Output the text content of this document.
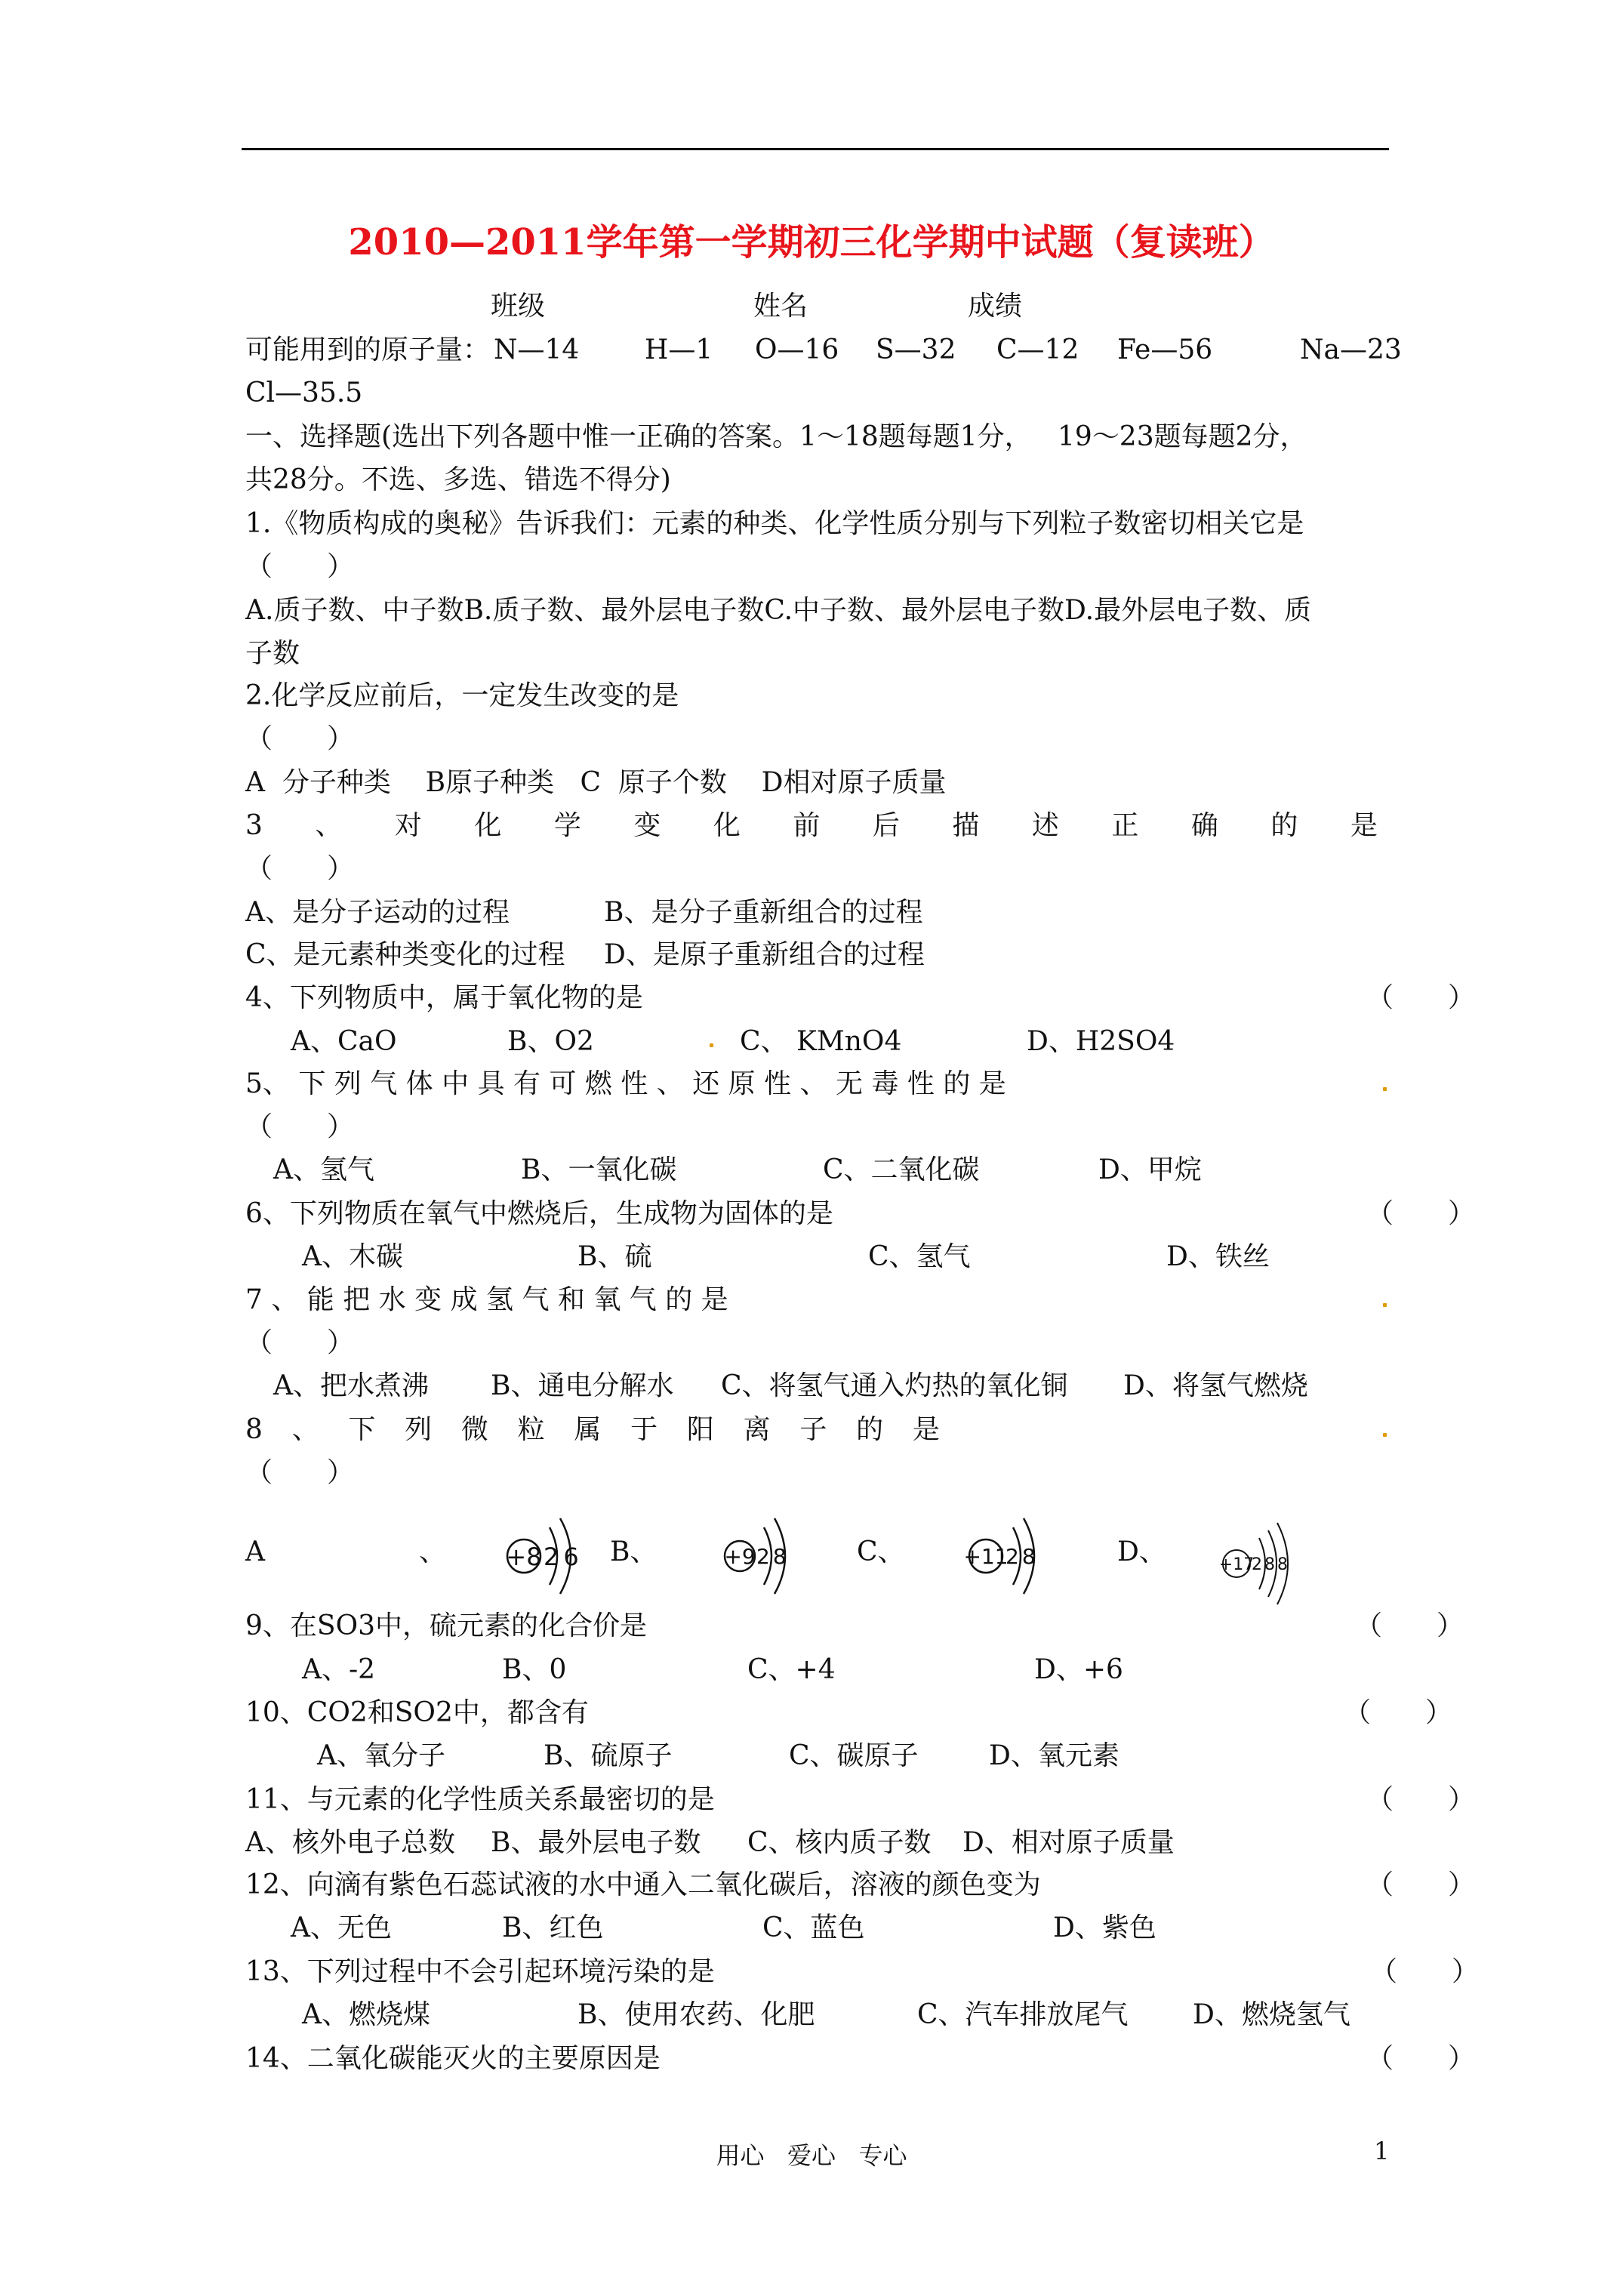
2010—2011学年第一学期初三化学期中试题（复读班）
班级	姓名	成绩
可能用到的原子量： N—14 H—1 O—16 S—32 C—12 Fe—56	Na—23
Cl—35.5
一、选择题(选出下列各题中惟一正确的答案。1～18题每题1分，   19～23题每题2分，
共28分。不选、多选、错选不得分)
1.《物质构成的奥秘》告诉我们：元素的种类、化学性质分别与下列粒子数密切相关它是
（　　）
A.质子数、中子数B.质子数、最外层电子数C.中子数、最外层电子数D.最外层电子数、质
子数
2.化学反应前后，一定发生改变的是
（　　）
A  分子种类    B原子种类   C  原子个数    D相对原子质量
3 、 对 化 学 变 化 前 后 描 述 正 确 的 是
（　　）
A、是分子运动的过程	B、是分子重新组合的过程
C、是元素种类变化的过程 D、是原子重新组合的过程
4、下列物质中，属于氧化物的是	（　　）
A、CaO	B、O2	C、 KMnO4	D、H2SO4
5、 下 列 气 体 中 具 有 可 燃 性 、 还 原 性 、 无 毒 性 的 是
（　　）
A、氢气	B、一氧化碳	C、二氧化碳	D、甲烷
6、下列物质在氧气中燃烧后，生成物为固体的是	（　　）
A、木碳	B、硫	C、氢气	D、铁丝
7 、 能 把 水 变 成 氢 气 和 氧 气 的 是
（　　）
A、把水煮沸 B、通电分解水 C、将氢气通入灼热的氧化铜 D、将氢气燃烧
8 、 下 列 微 粒 属 于 阳 离 子 的 是
（　　）
A	、 +8 26 B、	+9 28 C、	+11
28	D、	+17
288
9、在SO3中，硫元素的化合价是	（　　）
A、-2	B、0	C、+4	D、+6
10、CO2和SO2中，都含有	（　　）
A、氧分子	B、硫原子	C、碳原子	D、氧元素
11、与元素的化学性质关系最密切的是	（　　）
A、核外电子总数 B、最外层电子数 C、核内质子数 D、相对原子质量
12、向滴有紫色石蕊试液的水中通入二氧化碳后，溶液的颜色变为	（　　）
A、无色	B、红色	C、蓝色	D、紫色
13、下列过程中不会引起环境污染的是	（　　）
A、燃烧煤	B、使用农药、化肥	C、汽车排放尾气 D、燃烧氢气
14、二氧化碳能灭火的主要原因是	（　　）
用心   爱心   专心	1
